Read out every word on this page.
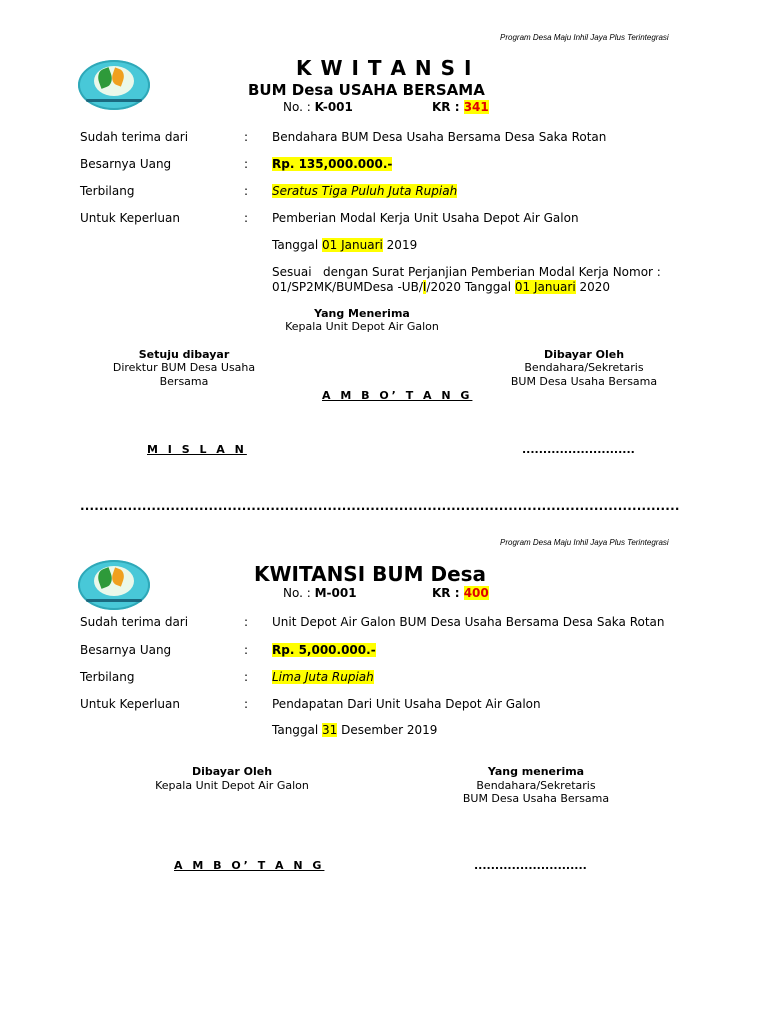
Program Desa Maju Inhil Jaya Plus Terintegrasi
K W I T A N S I
BUM Desa USAHA BERSAMA
No. : K-001	KR : 341
Sudah terima dari	: Bendahara BUM Desa Usaha Bersama Desa Saka Rotan
Besarnya Uang	: Rp. 135,000.000.-
Terbilang	: Seratus Tiga Puluh Juta Rupiah
Untuk Keperluan	: Pemberian Modal Kerja Unit Usaha Depot Air Galon
Tanggal 01 Januari 2019
Sesuai   dengan Surat Perjanjian Pemberian Modal Kerja Nomor :
01/SP2MK/BUMDesa -UB/I/2020 Tanggal 01 Januari 2020
Yang Menerima
Kepala Unit Depot Air Galon
Setuju dibayar
Direktur BUM Desa Usaha
Bersama
Dibayar Oleh
Bendahara/Sekretaris
BUM Desa Usaha Bersama
A M B O’ T A N G
M I S L A N	...........................
..............................................................................................................................
Program Desa Maju Inhil Jaya Plus Terintegrasi
KWITANSI BUM Desa
No. : M-001	KR : 400
Sudah terima dari	: Unit Depot Air Galon BUM Desa Usaha Bersama Desa Saka Rotan
Besarnya Uang	: Rp. 5,000.000.-
Terbilang	: Lima Juta Rupiah
Untuk Keperluan	: Pendapatan Dari Unit Usaha Depot Air Galon
Tanggal 31 Desember 2019
Dibayar Oleh
Kepala Unit Depot Air Galon
Yang menerima
Bendahara/Sekretaris
BUM Desa Usaha Bersama
A M B O’ T A N G	...........................
